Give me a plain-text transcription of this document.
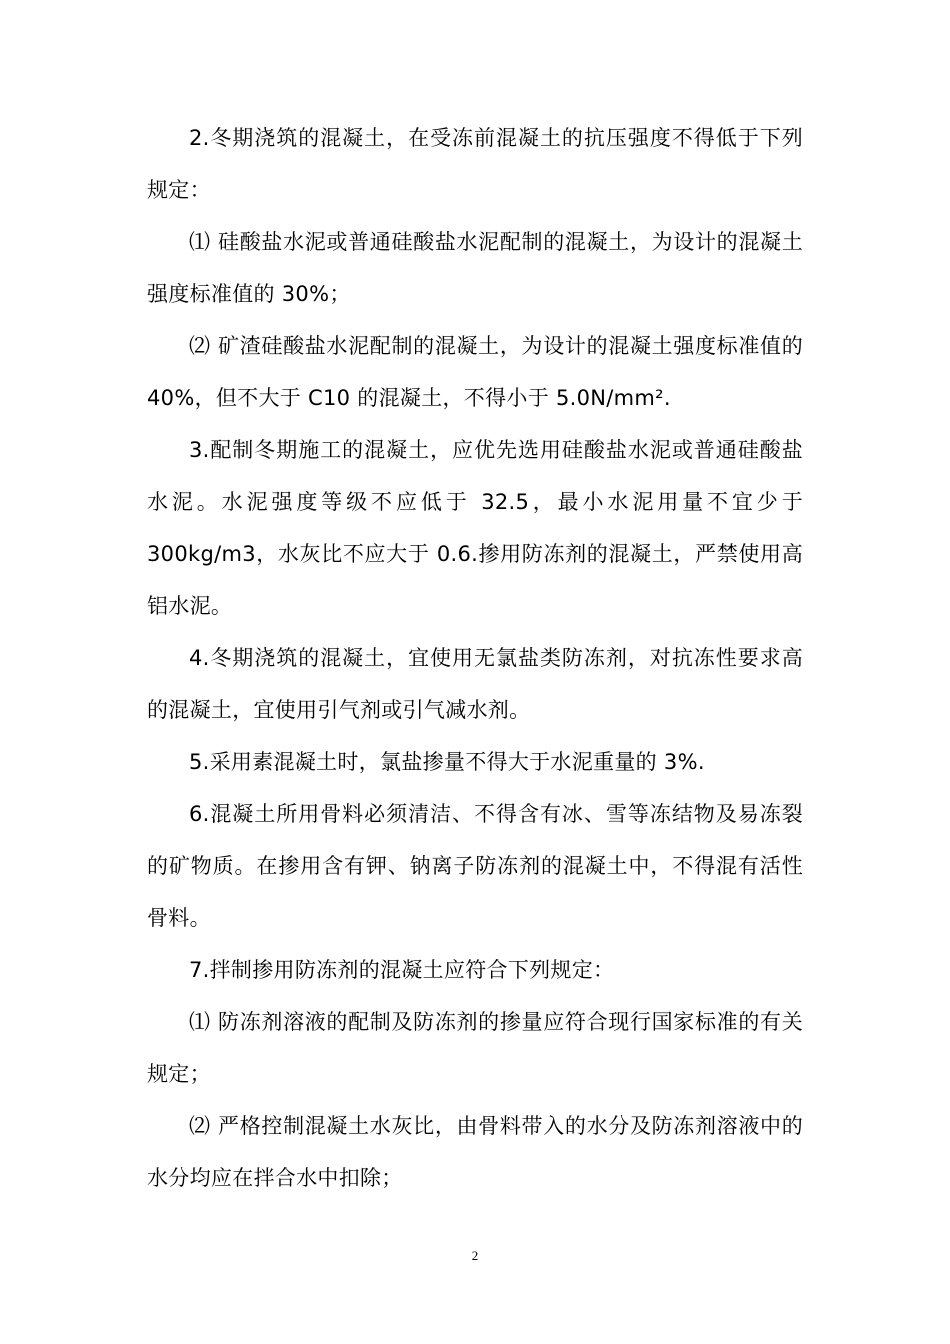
2.冬期浇筑的混凝土，在受冻前混凝土的抗压强度不得低于下列规定：

⑴ 硅酸盐水泥或普通硅酸盐水泥配制的混凝土，为设计的混凝土强度标准值的 30%；

⑵ 矿渣硅酸盐水泥配制的混凝土，为设计的混凝土强度标准值的 40%，但不大于 C10 的混凝土，不得小于 5.0N/mm².

3.配制冬期施工的混凝土，应优先选用硅酸盐水泥或普通硅酸盐水泥。水泥强度等级不应低于 32.5，最小水泥用量不宜少于 300kg/m3，水灰比不应大于 0.6.掺用防冻剂的混凝土，严禁使用高铝水泥。

4.冬期浇筑的混凝土，宜使用无氯盐类防冻剂，对抗冻性要求高的混凝土，宜使用引气剂或引气减水剂。

5.采用素混凝土时，氯盐掺量不得大于水泥重量的 3%.

6.混凝土所用骨料必须清洁、不得含有冰、雪等冻结物及易冻裂的矿物质。在掺用含有钾、钠离子防冻剂的混凝土中，不得混有活性骨料。

7.拌制掺用防冻剂的混凝土应符合下列规定：

⑴ 防冻剂溶液的配制及防冻剂的掺量应符合现行国家标准的有关规定；

⑵ 严格控制混凝土水灰比，由骨料带入的水分及防冻剂溶液中的水分均应在拌合水中扣除；

2
